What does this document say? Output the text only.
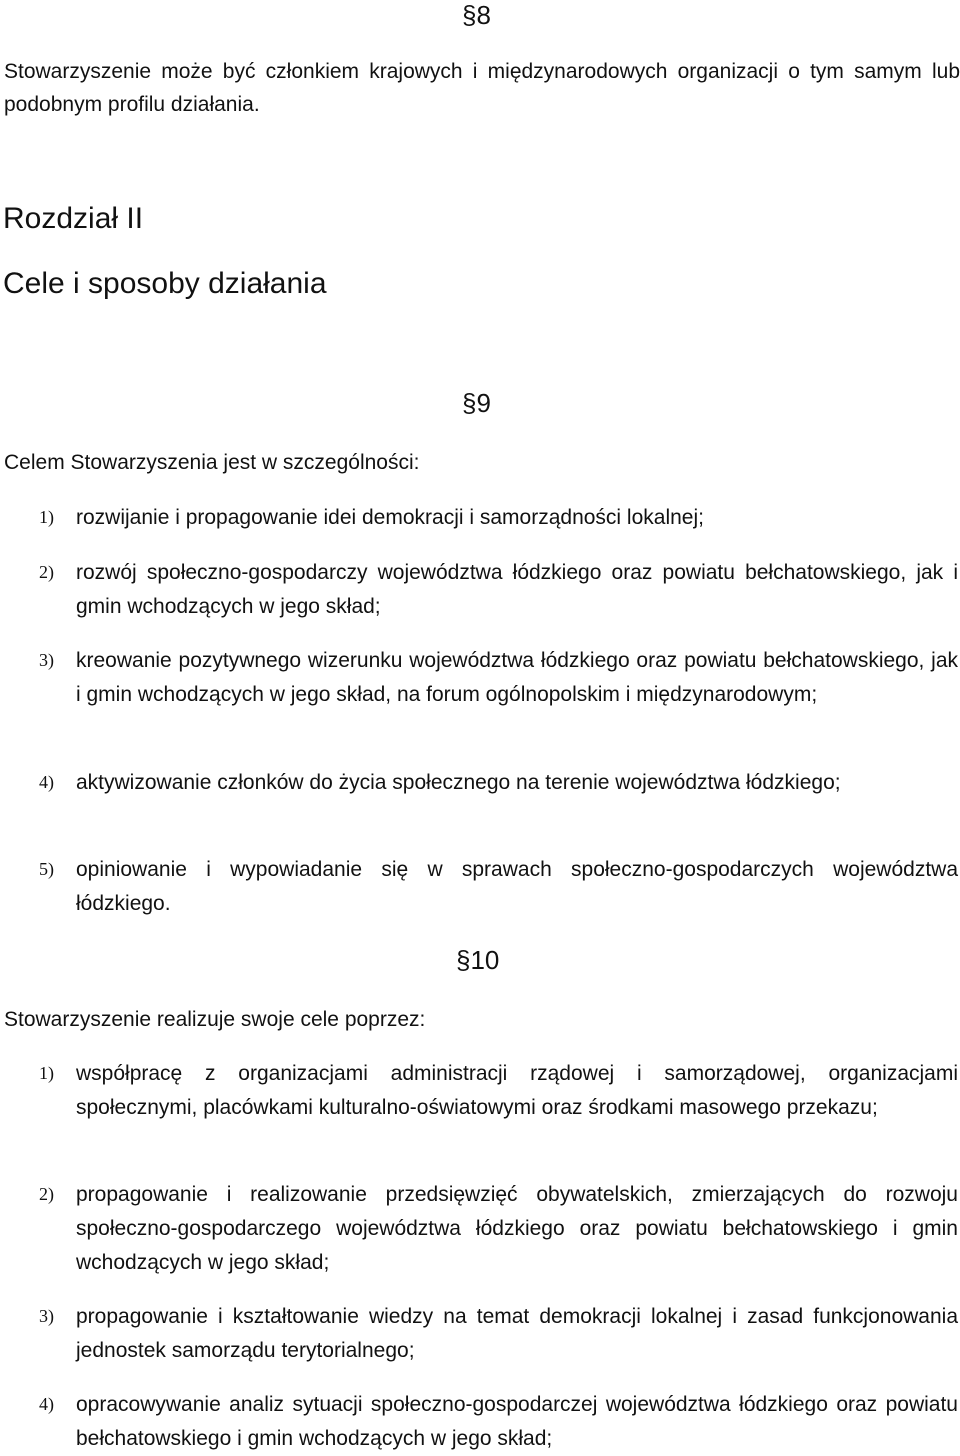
§8
Stowarzyszenie może być członkiem krajowych i międzynarodowych organizacji o tym samym lub podobnym profilu działania.
Rozdział II
Cele i sposoby działania
§9
Celem Stowarzyszenia jest w szczególności:
1) rozwijanie i propagowanie idei demokracji i samorządności lokalnej;
2) rozwój społeczno-gospodarczy województwa łódzkiego oraz powiatu bełchatowskiego, jak i gmin wchodzących w jego skład;
3) kreowanie pozytywnego wizerunku województwa łódzkiego oraz powiatu bełchatowskiego, jak i gmin wchodzących w jego skład, na forum ogólnopolskim i międzynarodowym;
4) aktywizowanie członków do życia społecznego na terenie województwa łódzkiego;
5) opiniowanie i wypowiadanie się w sprawach społeczno-gospodarczych województwa łódzkiego.
§10
Stowarzyszenie realizuje swoje cele poprzez:
1) współpracę z organizacjami administracji rządowej i samorządowej, organizacjami społecznymi, placówkami kulturalno-oświatowymi oraz środkami masowego przekazu;
2) propagowanie i realizowanie przedsięwzięć obywatelskich, zmierzających do rozwoju społeczno-gospodarczego województwa łódzkiego oraz powiatu bełchatowskiego i gmin wchodzących w jego skład;
3) propagowanie i kształtowanie wiedzy na temat demokracji lokalnej i zasad funkcjonowania jednostek samorządu terytorialnego;
4) opracowywanie analiz sytuacji społeczno-gospodarczej województwa łódzkiego oraz powiatu bełchatowskiego i gmin wchodzących w jego skład;
